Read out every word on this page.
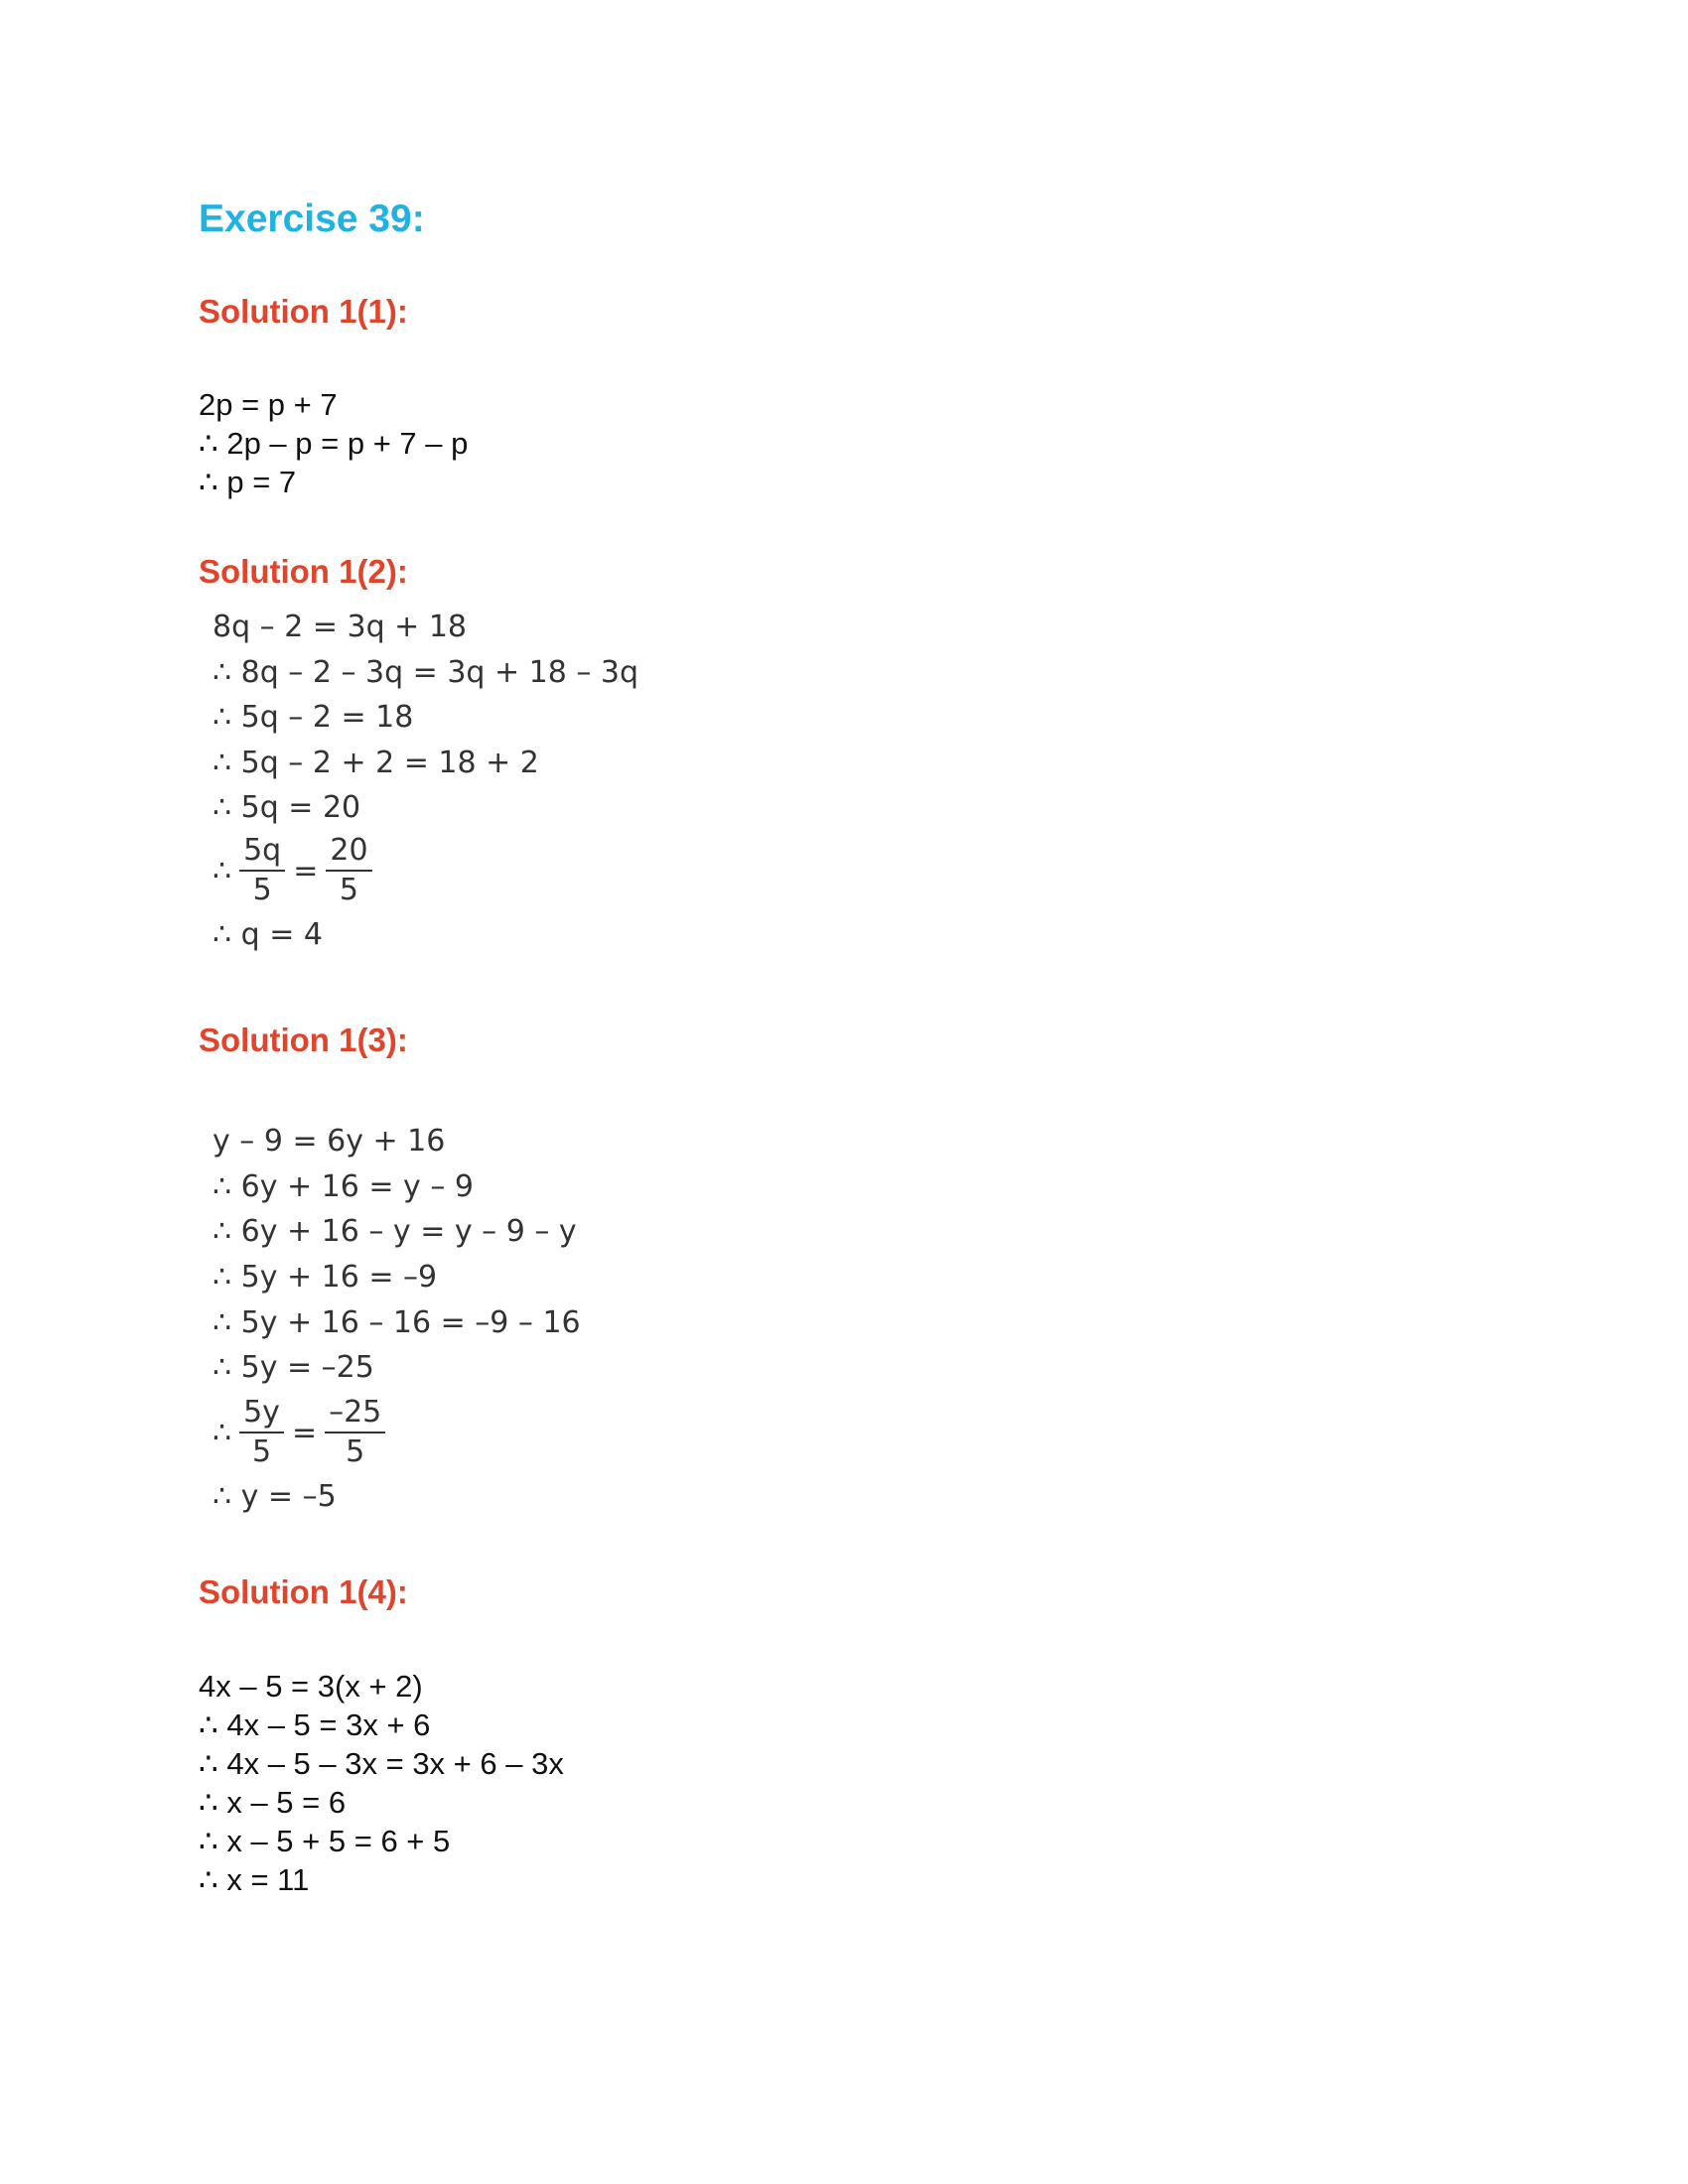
Exercise 39:
Solution 1(1):
2p = p + 7
∴ 2p – p = p + 7 – p
∴ p = 7
Solution 1(2):
8q – 2 = 3q + 18
∴ 8q – 2 – 3q = 3q + 18 – 3q
∴ 5q – 2 = 18
∴ 5q – 2 + 2 = 18 + 2
∴ 5q = 20
∴ $\frac{5q}{5} = \frac{20}{5}$
∴ q = 4
Solution 1(3):
y – 9 = 6y + 16
∴ 6y + 16 = y – 9
∴ 6y + 16 – y = y – 9 – y
∴ 5y + 16 = –9
∴ 5y + 16 – 16 = –9 – 16
∴ 5y = –25
∴ $\frac{5y}{5} = \frac{-25}{5}$
∴ y = –5
Solution 1(4):
4x – 5 = 3(x + 2)
∴ 4x – 5 = 3x + 6
∴ 4x – 5 – 3x = 3x + 6 – 3x
∴ x – 5 = 6
∴ x – 5 + 5 = 6 + 5
∴ x = 11
